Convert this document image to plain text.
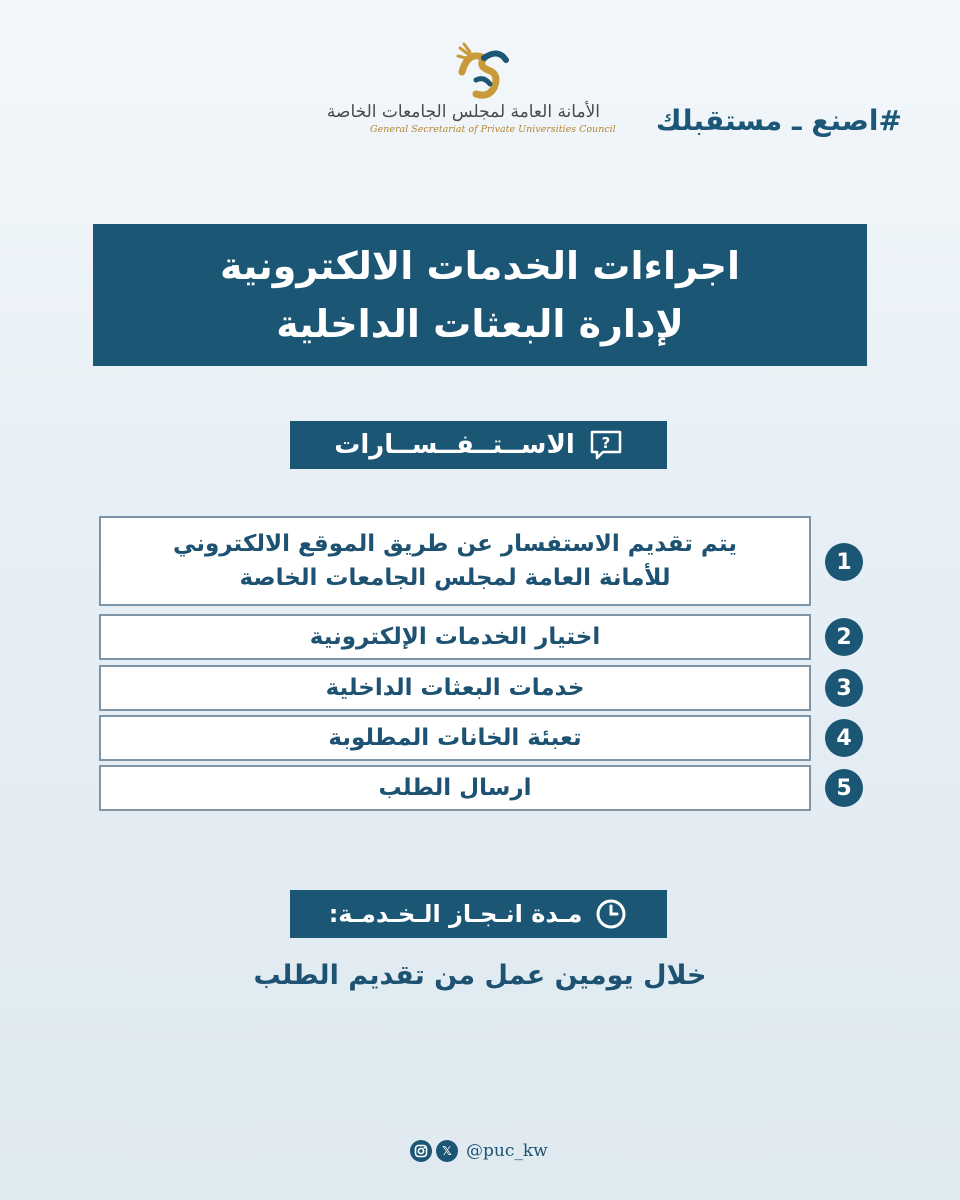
الأمانة العامة لمجلس الجامعات الخاصة
General Secretariat of Private Universities Council #اصنع ـ مستقبلك
اجراءات الخدمات الالكترونية
لإدارة البعثات الداخلية
?
الاســتــفــســارات
يتم تقديم الاستفسار عن طريق الموقع الالكتروني
للأمانة العامة لمجلس الجامعات الخاصة
1
اختيار الخدمات الإلكترونية	2
خدمات البعثات الداخلية	3
تعبئة الخانات المطلوبة	4
ارسال الطلب	5
مـدة انـجـاز الـخـدمـة:
خلال يومين عمل من تقديم الطلب
𝕏 @puc_kw
